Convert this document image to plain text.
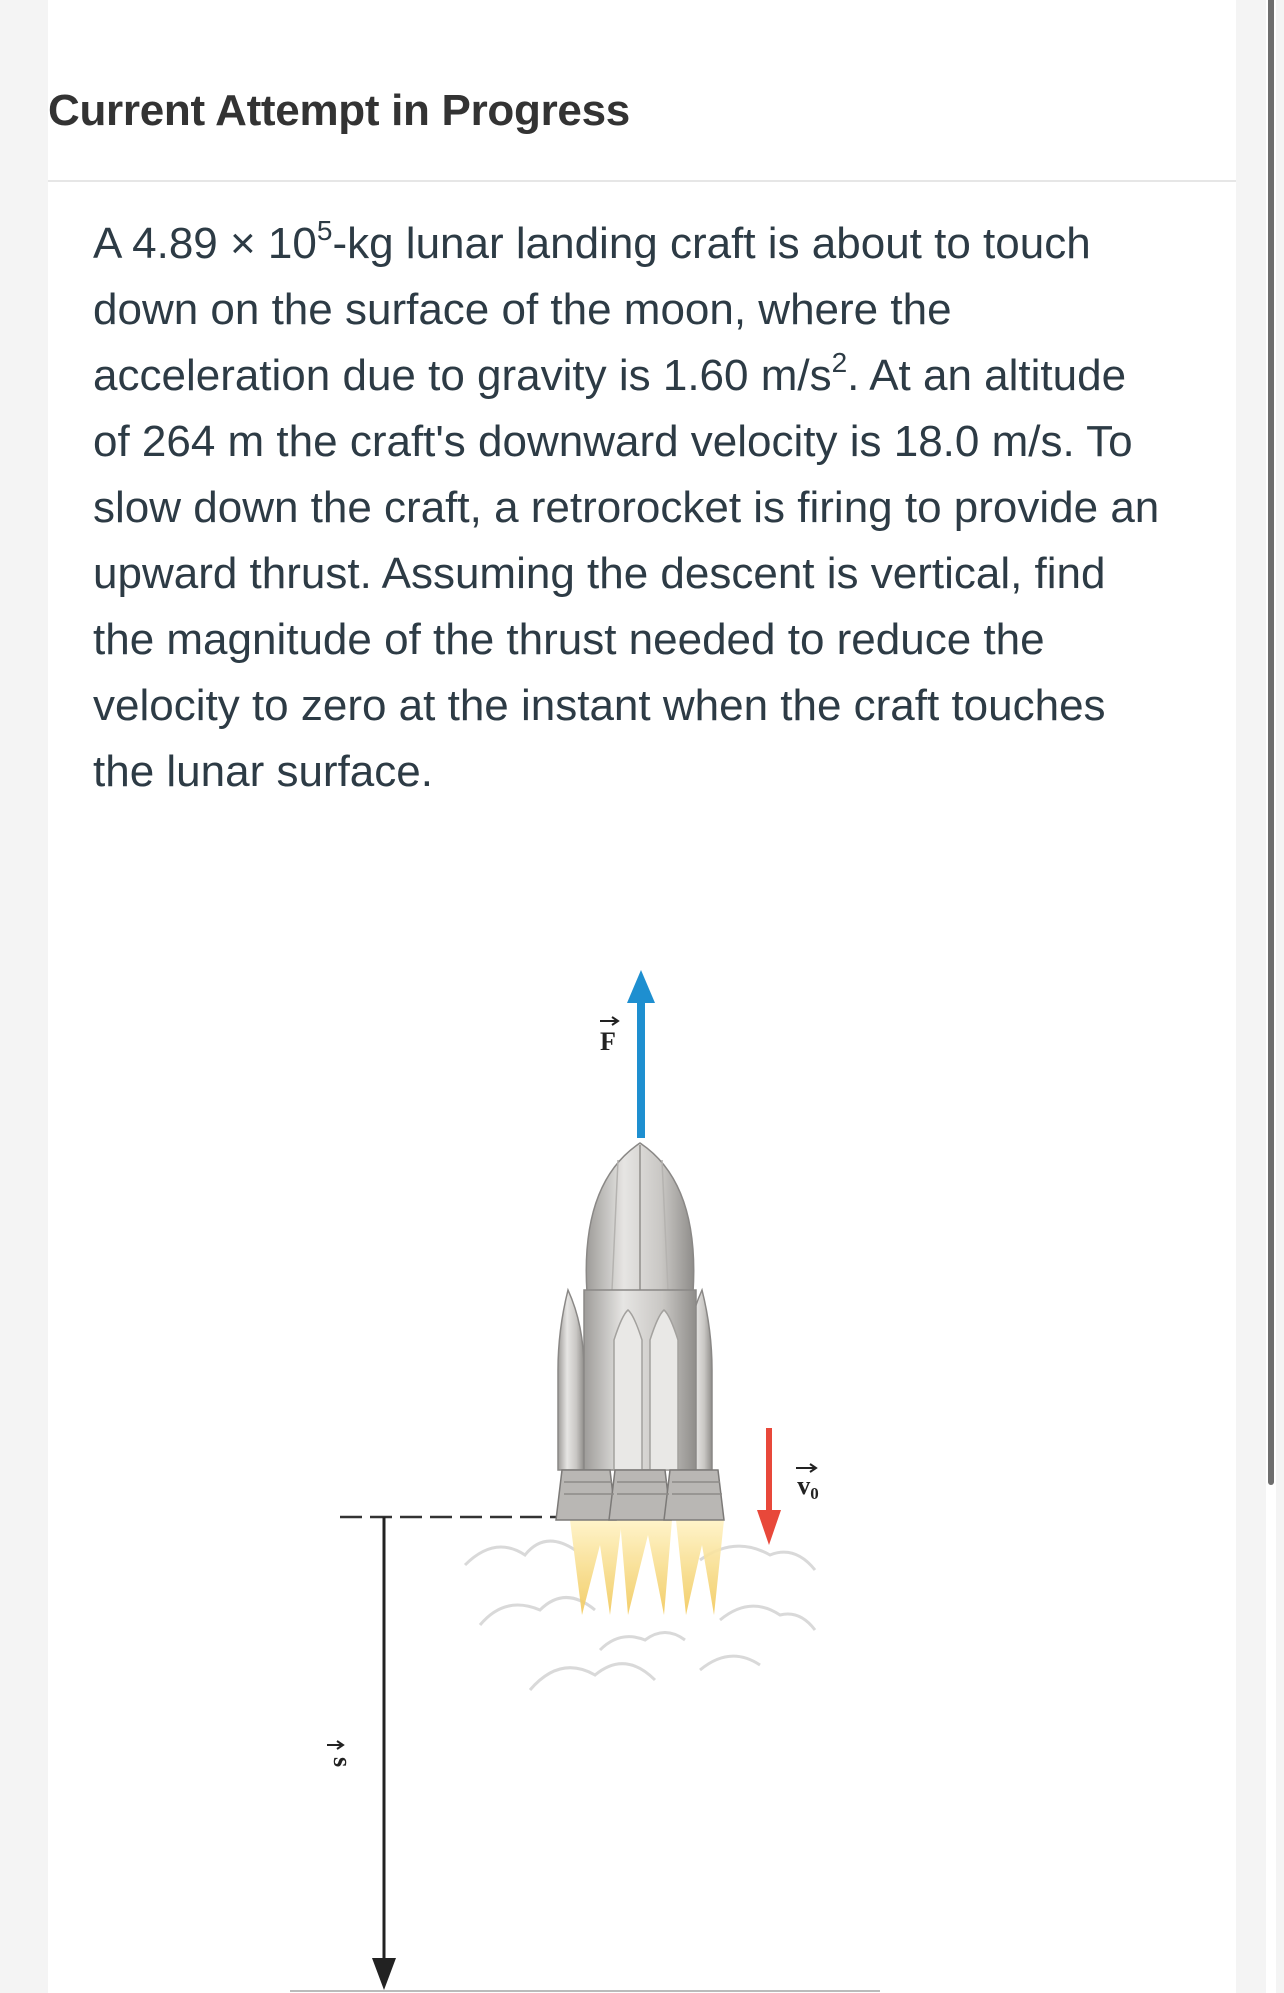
Current Attempt in Progress

A $4.89 \times 10^5-kg$ lunar landing craft is about to touch down on the surface of the moon, where the acceleration due to gravity is 1.60 $m/s^2$. At an altitude of 264 m the craft's downward velocity is 18.0 m/s. To slow down the craft, a retrorocket is firing to provide an upward thrust. Assuming the descent is vertical, find the magnitude of the thrust needed to reduce the velocity to zero at the instant when the craft touches the lunar surface.

F
v0
s
